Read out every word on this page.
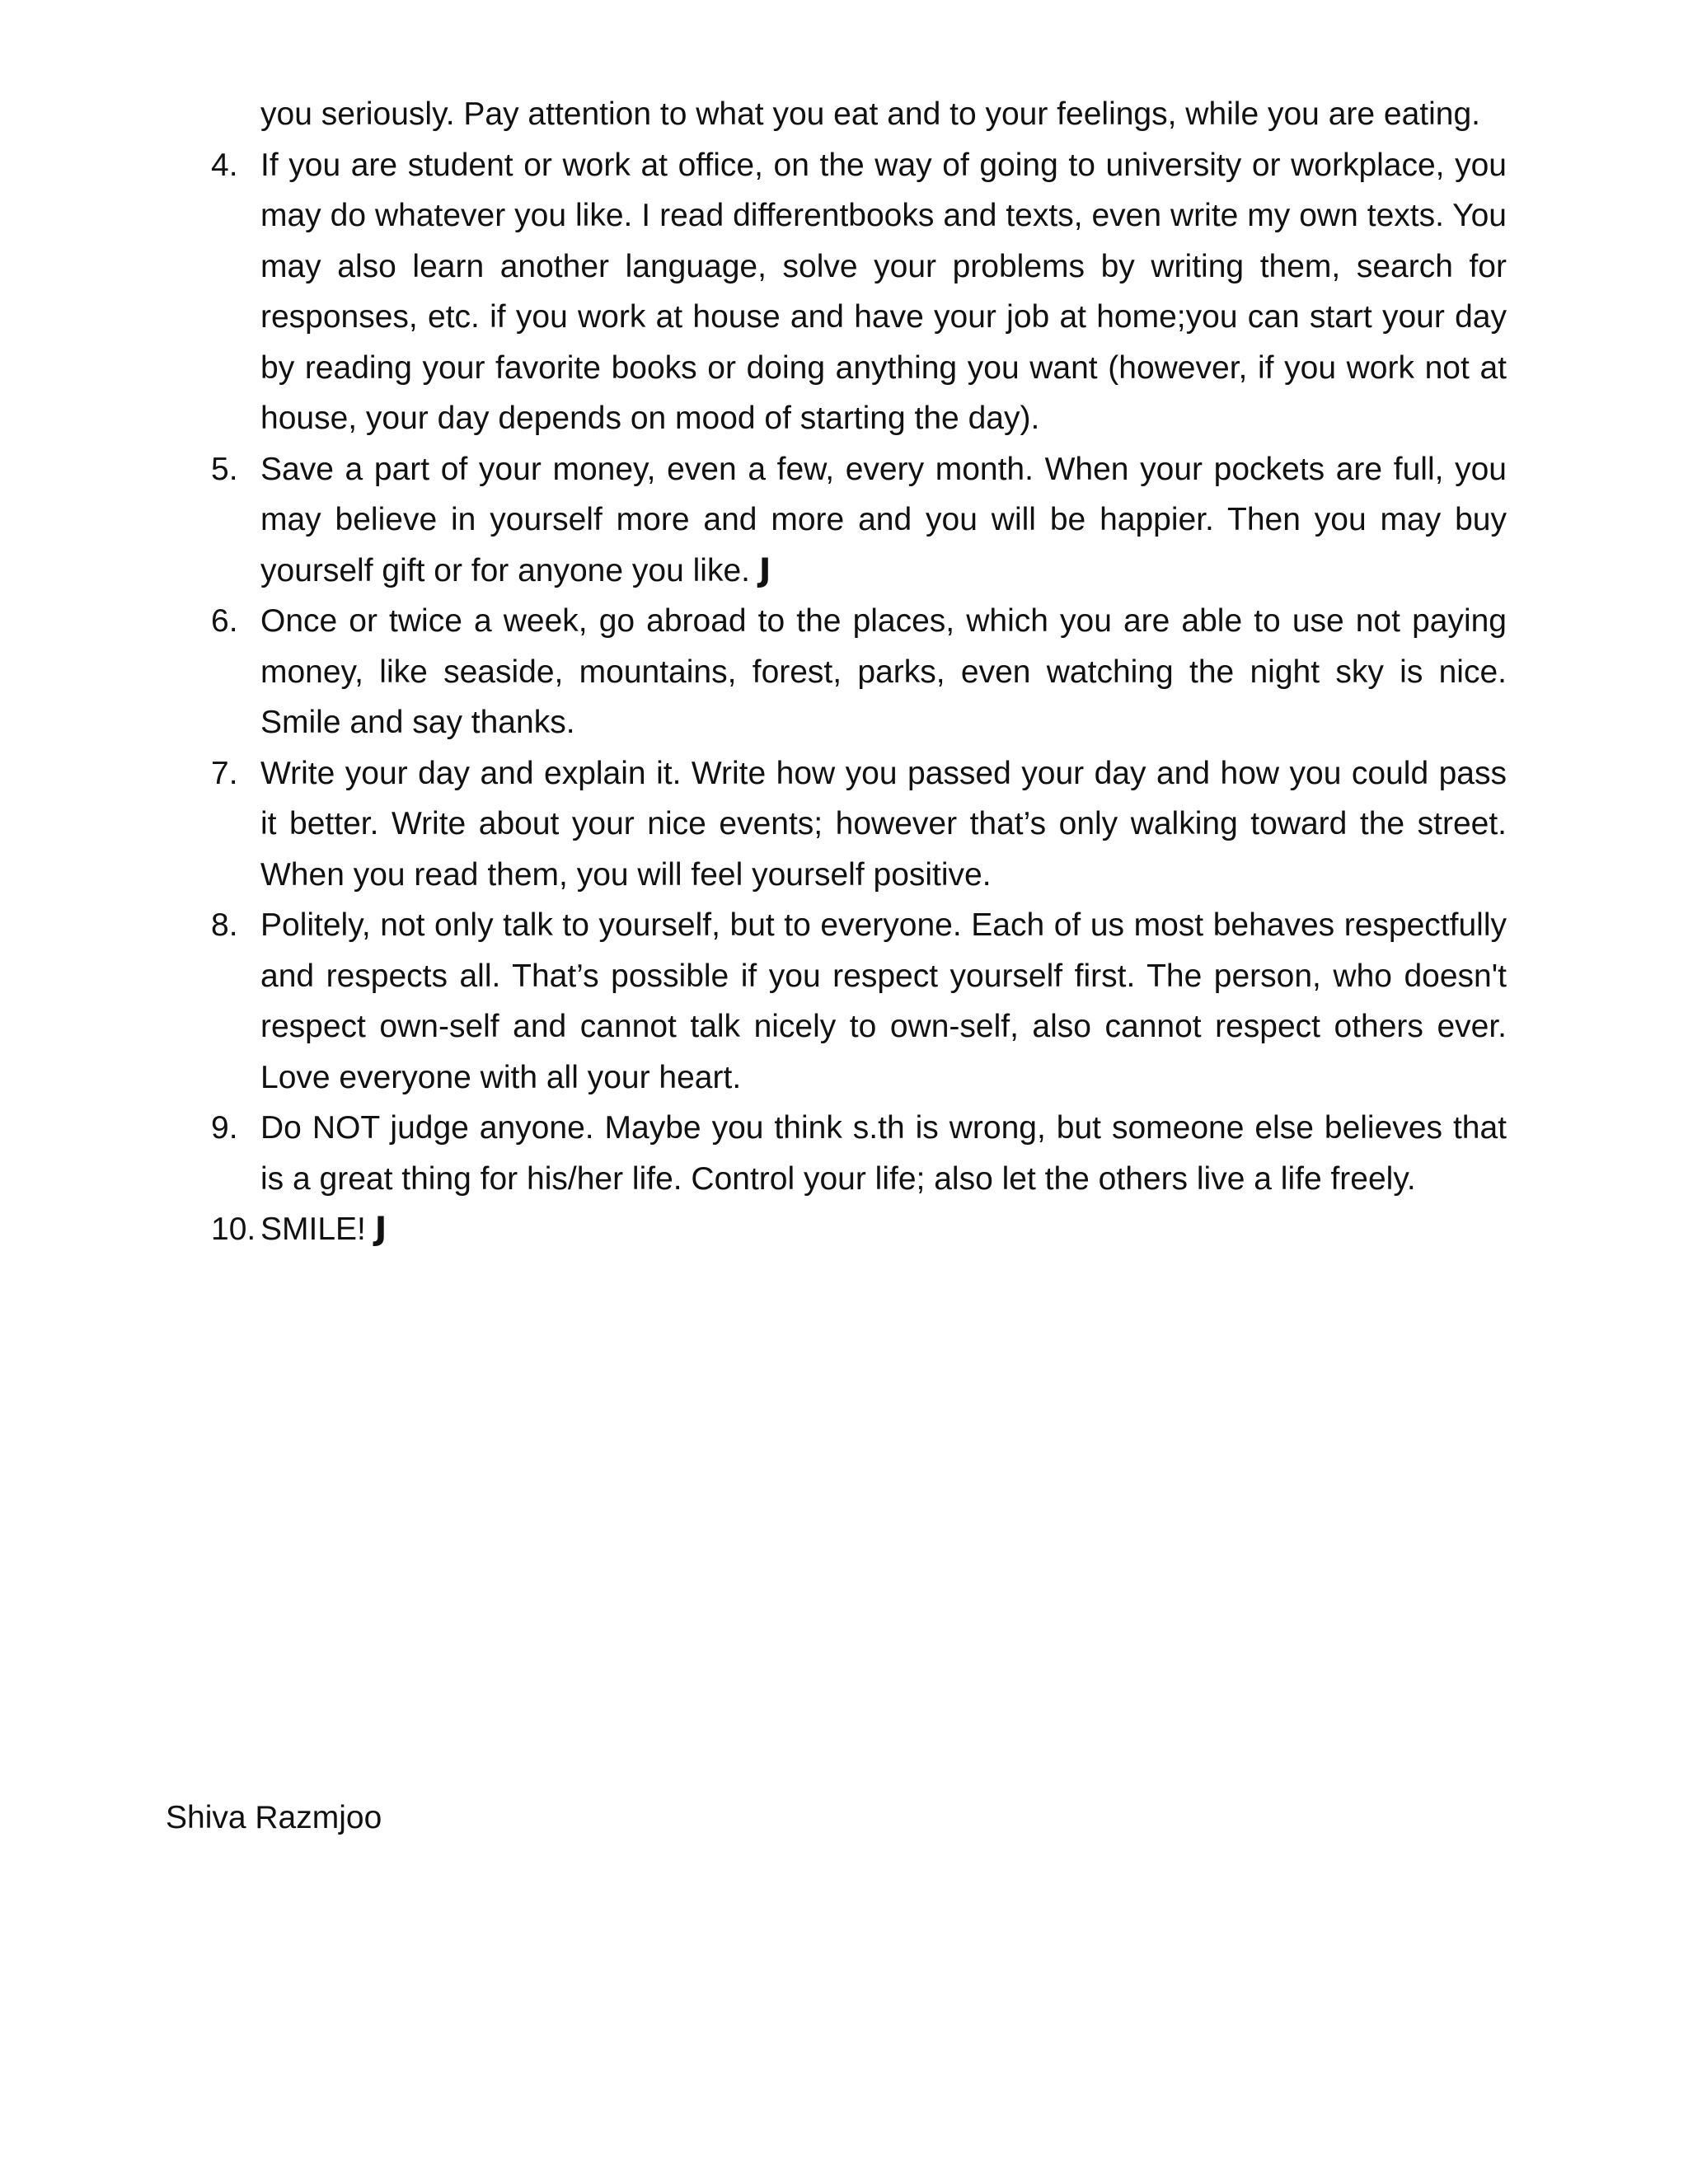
you seriously. Pay attention to what you eat and to your feelings, while you are eating.
4. If you are student or work at office, on the way of going to university or workplace, you may do whatever you like. I read differentbooks and texts, even write my own texts. You may also learn another language, solve your problems by writing them, search for responses, etc. if you work at house and have your job at home;you can start your day by reading your favorite books or doing anything you want (however, if you work not at house, your day depends on mood of starting the day).
5. Save a part of your money, even a few, every month. When your pockets are full, you may believe in yourself more and more and you will be happier. Then you may buy yourself gift or for anyone you like. J
6. Once or twice a week, go abroad to the places, which you are able to use not paying money, like seaside, mountains, forest, parks, even watching the night sky is nice. Smile and say thanks.
7. Write your day and explain it. Write how you passed your day and how you could pass it better. Write about your nice events; however that’s only walking toward the street. When you read them, you will feel yourself positive.
8. Politely, not only talk to yourself, but to everyone. Each of us most behaves respectfully and respects all. That’s possible if you respect yourself first. The person, who doesn't respect own-self and cannot talk nicely to own-self, also cannot respect others ever. Love everyone with all your heart.
9. Do NOT judge anyone. Maybe you think s.th is wrong, but someone else believes that is a great thing for his/her life. Control your life; also let the others live a life freely.
10. SMILE! J
Shiva Razmjoo
